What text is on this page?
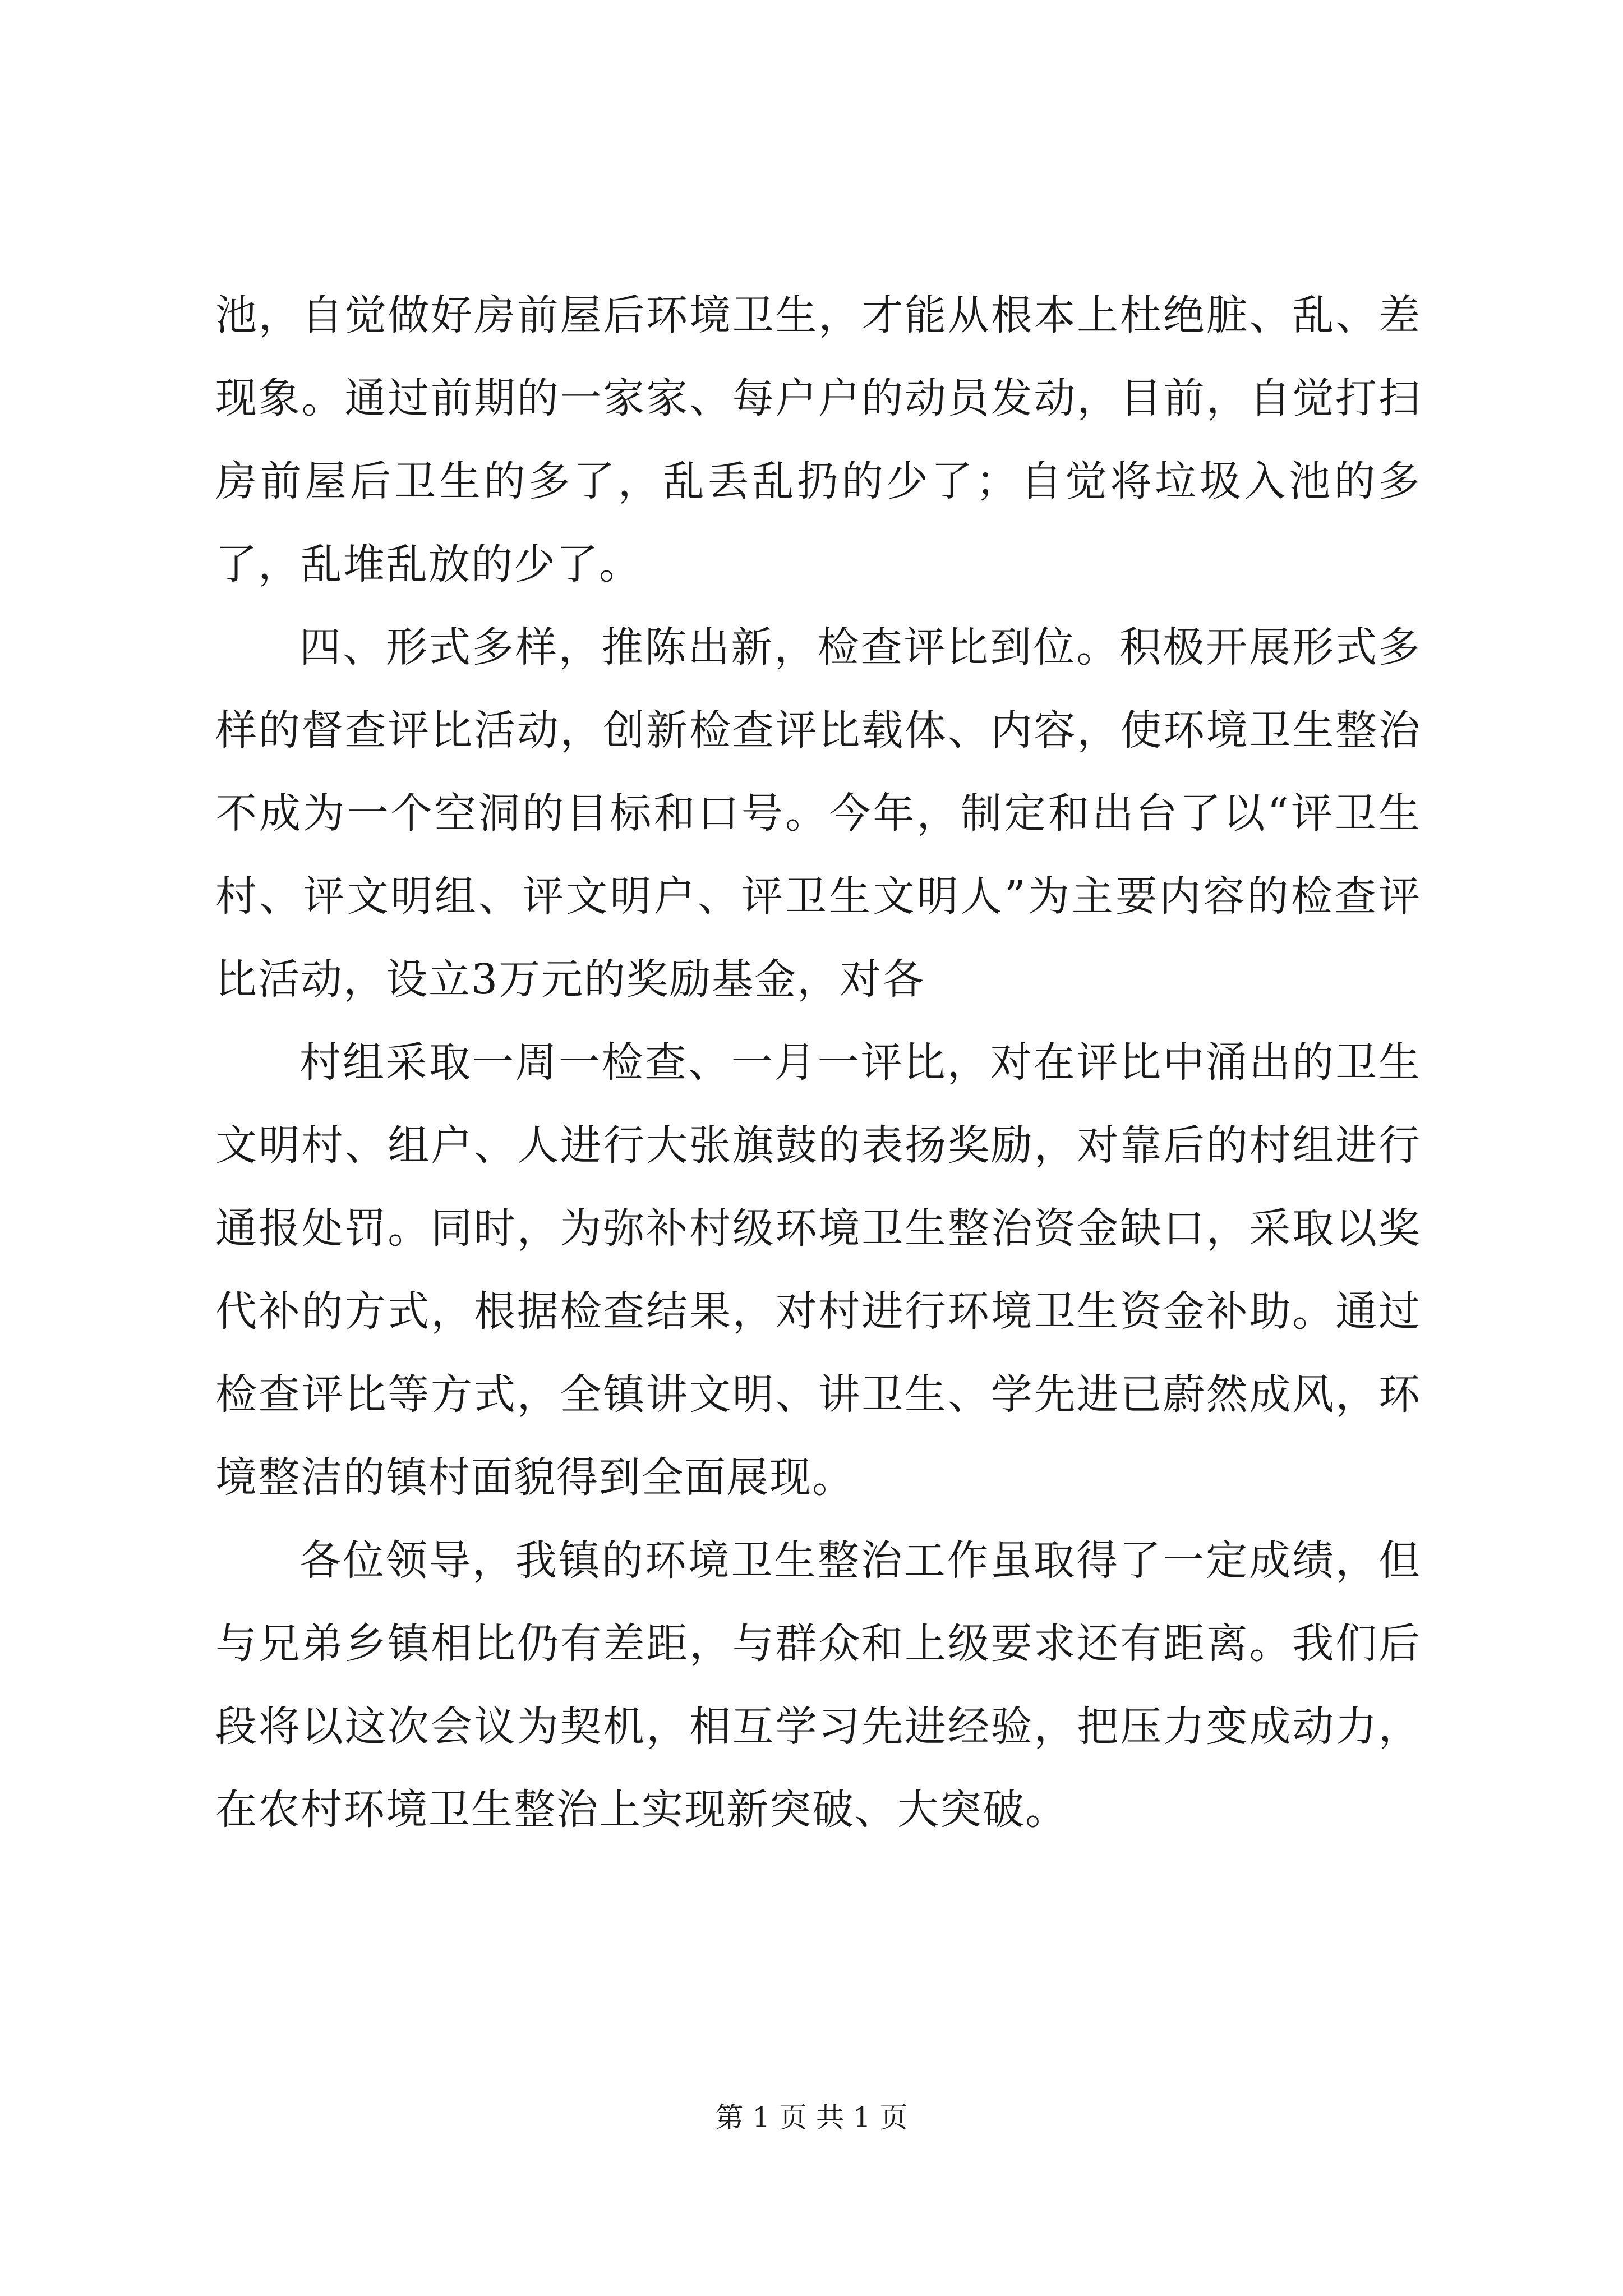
池，自觉做好房前屋后环境卫生，才能从根本上杜绝脏、乱、差现象。通过前期的一家家、每户户的动员发动，目前，自觉打扫房前屋后卫生的多了，乱丢乱扔的少了；自觉将垃圾入池的多了，乱堆乱放的少了。

四、形式多样，推陈出新，检查评比到位。积极开展形式多样的督查评比活动，创新检查评比载体、内容，使环境卫生整治不成为一个空洞的目标和口号。今年，制定和出台了以“评卫生村、评文明组、评文明户、评卫生文明人”为主要内容的检查评比活动，设立3万元的奖励基金，对各

村组采取一周一检查、一月一评比，对在评比中涌出的卫生文明村、组户、人进行大张旗鼓的表扬奖励，对靠后的村组进行通报处罚。同时，为弥补村级环境卫生整治资金缺口，采取以奖代补的方式，根据检查结果，对村进行环境卫生资金补助。通过检查评比等方式，全镇讲文明、讲卫生、学先进已蔚然成风，环境整洁的镇村面貌得到全面展现。

各位领导，我镇的环境卫生整治工作虽取得了一定成绩，但与兄弟乡镇相比仍有差距，与群众和上级要求还有距离。我们后段将以这次会议为契机，相互学习先进经验，把压力变成动力，在农村环境卫生整治上实现新突破、大突破。

第 1 页 共 1 页
